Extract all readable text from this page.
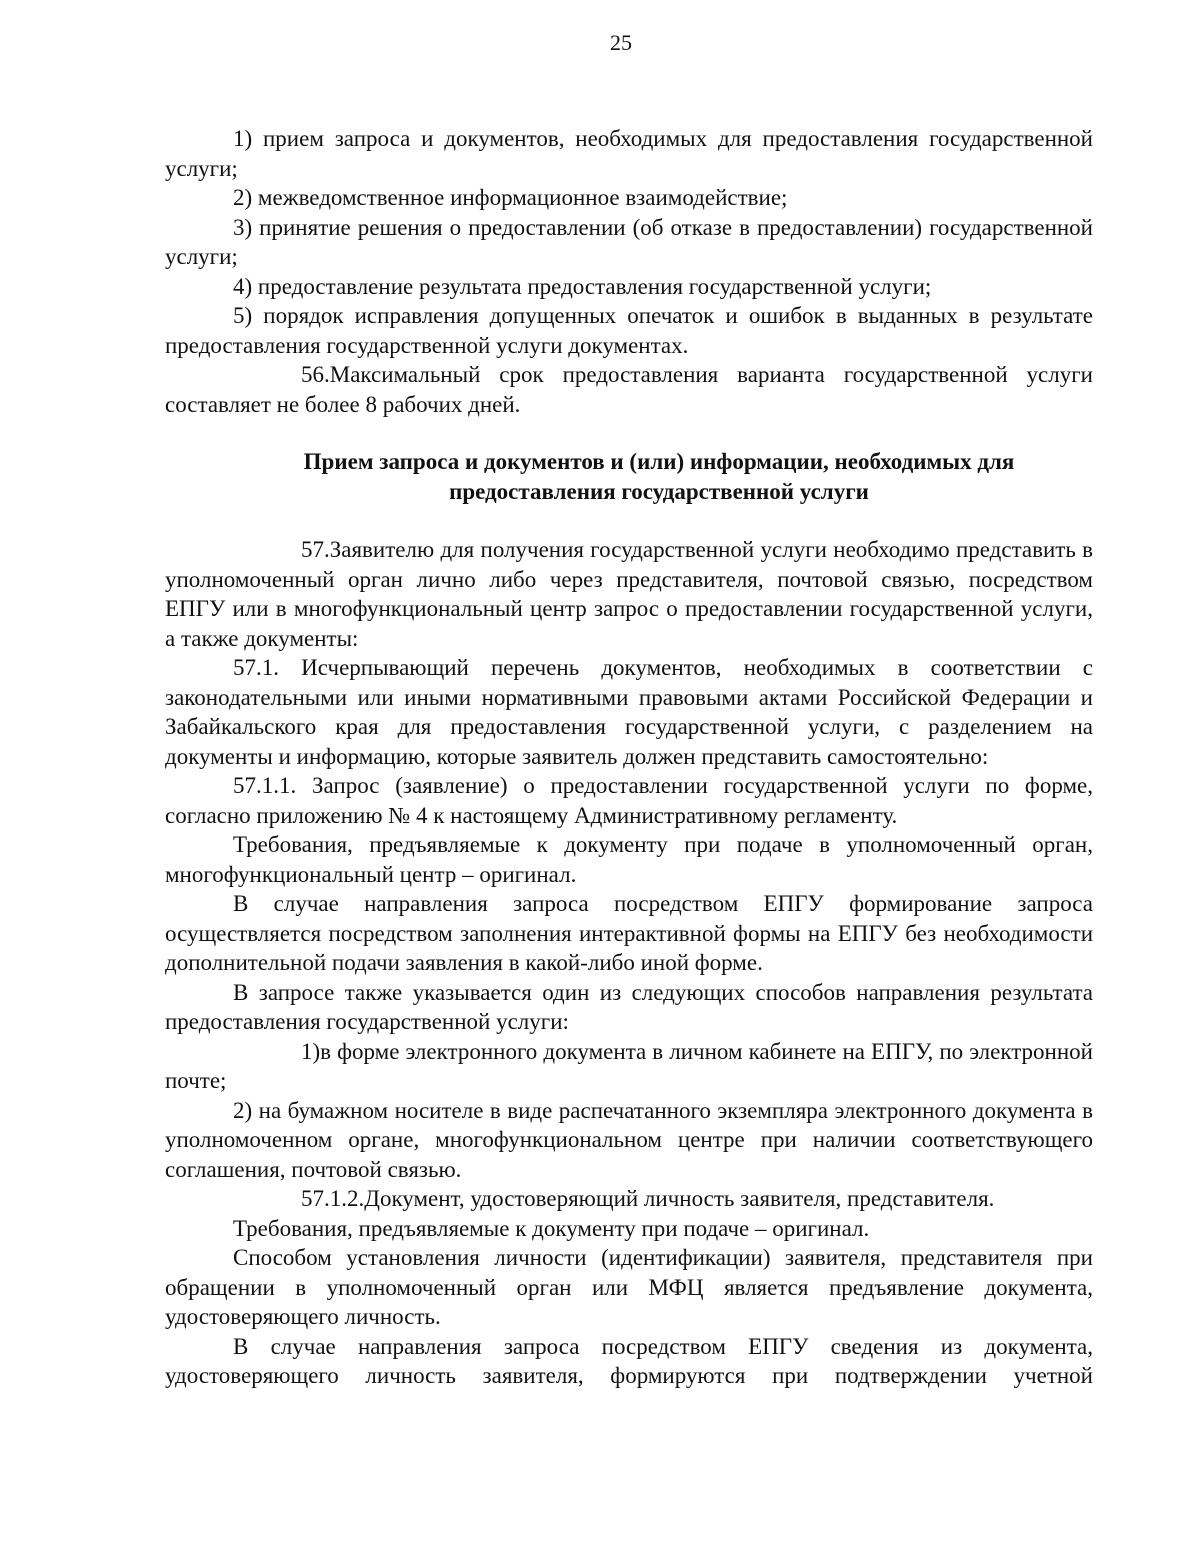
25

1) прием запроса и документов, необходимых для предоставления государственной услуги;

2) межведомственное информационное взаимодействие;

3) принятие решения о предоставлении (об отказе в предоставлении) государственной услуги;

4) предоставление результата предоставления государственной услуги;

5) порядок исправления допущенных опечаток и ошибок в выданных в результате предоставления государственной услуги документах.

56.Максимальный срок предоставления варианта государственной услуги составляет не более 8 рабочих дней.

Прием запроса и документов и (или) информации, необходимых для
предоставления государственной услуги

57.Заявителю для получения государственной услуги необходимо представить в уполномоченный орган лично либо через представителя, почтовой связью, посредством ЕПГУ или в многофункциональный центр запрос о предоставлении государственной услуги, а также документы:

57.1. Исчерпывающий перечень документов, необходимых в соответствии с законодательными или иными нормативными правовыми актами Российской Федерации и Забайкальского края для предоставления государственной услуги, с разделением на документы и информацию, которые заявитель должен представить самостоятельно:

57.1.1. Запрос (заявление) о предоставлении государственной услуги по форме, согласно приложению № 4 к настоящему Административному регламенту.

Требования, предъявляемые к документу при подаче в уполномоченный орган, многофункциональный центр – оригинал.

В случае направления запроса посредством ЕПГУ формирование запроса осуществляется посредством заполнения интерактивной формы на ЕПГУ без необходимости дополнительной подачи заявления в какой-либо иной форме.

В запросе также указывается один из следующих способов направления результата предоставления государственной услуги:

1)в форме электронного документа в личном кабинете на ЕПГУ, по электронной почте;

2) на бумажном носителе в виде распечатанного экземпляра электронного документа в уполномоченном органе, многофункциональном центре при наличии соответствующего соглашения, почтовой связью.

57.1.2.Документ, удостоверяющий личность заявителя, представителя.

Требования, предъявляемые к документу при подаче – оригинал.

Способом установления личности (идентификации) заявителя, представителя при обращении в уполномоченный орган или МФЦ является предъявление документа, удостоверяющего личность.

В случае направления запроса посредством ЕПГУ сведения из документа, удостоверяющего личность заявителя, формируются при подтверждении учетной
